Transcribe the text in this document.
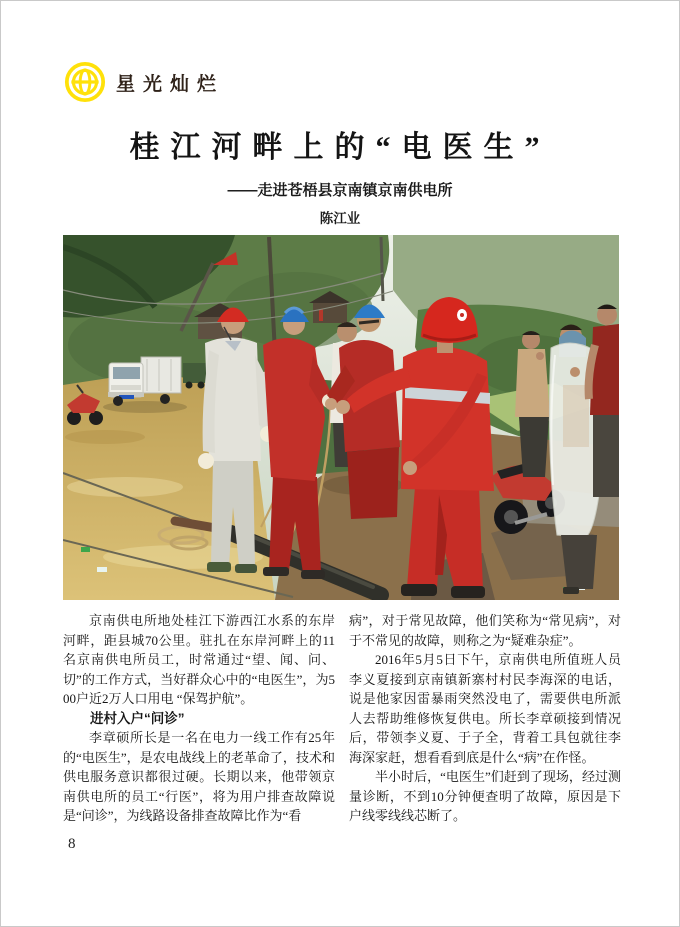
星光灿烂
桂江河畔上的“电医生”
——走进苍梧县京南镇京南供电所
陈江业

京南供电所地处桂江下游西江水系的东岸河畔，距县城70公里。驻扎在东岸河畔上的11名京南供电所员工，时常通过“望、闻、问、切”的工作方式，当好群众心中的“电医生”，为500户近2万人口用电 “保驾护航”。

进村入户“问诊”

李章硕所长是一名在电力一线工作有25年的“电医生”，是农电战线上的老革命了，技术和供电服务意识都很过硬。长期以来，他带领京南供电所的员工“行医”，将为用户排查故障说是“问诊”，为线路设备排查故障比作为“看

病”，对于常见故障，他们笑称为“常见病”，对于不常见的故障，则称之为“疑难杂症”。

2016年5月5日下午，京南供电所值班人员李义夏接到京南镇新寨村村民李海深的电话，说是他家因雷暴雨突然没电了，需要供电所派人去帮助维修恢复供电。所长李章硕接到情况后，带领李义夏、于子全，背着工具包就往李海深家赶，想看看到底是什么“病”在作怪。

半小时后，“电医生”们赶到了现场，经过测量诊断，不到10分钟便查明了故障，原因是下户线零线线芯断了。

8
